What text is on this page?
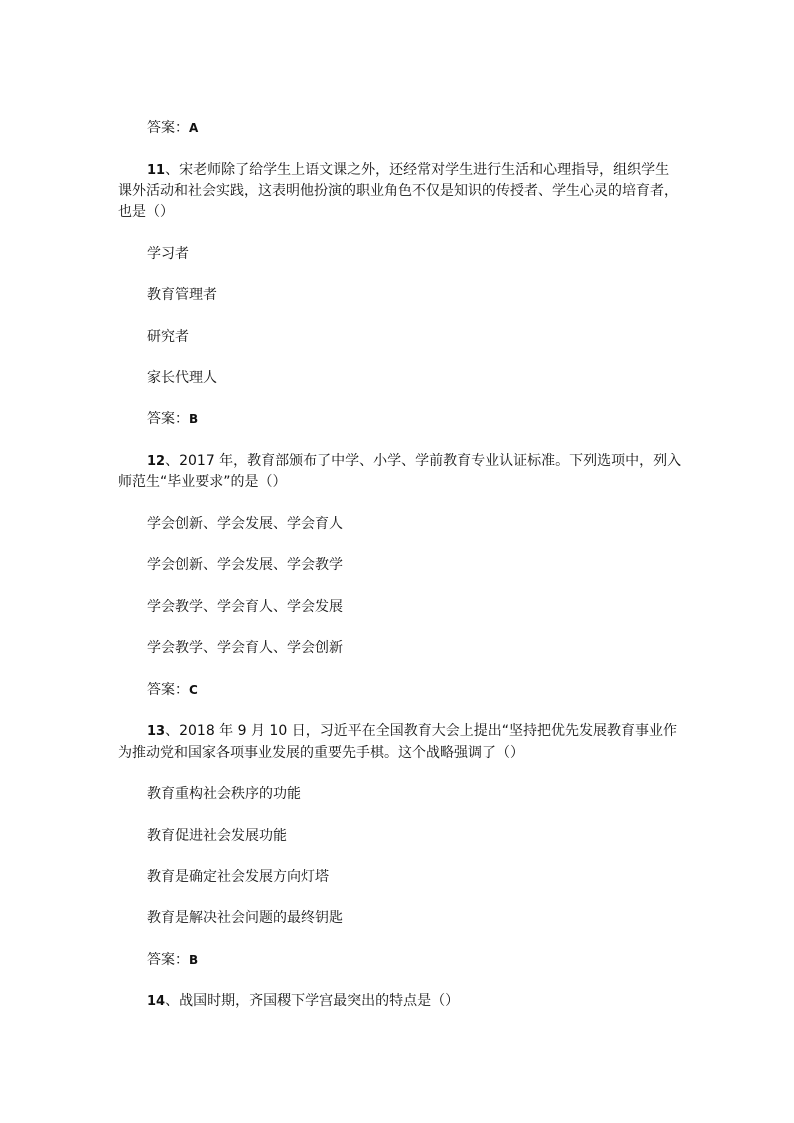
答案：A
11、宋老师除了给学生上语文课之外，还经常对学生进行生活和心理指导，组织学生
课外活动和社会实践，这表明他扮演的职业角色不仅是知识的传授者、学生心灵的培育者，
也是（）
学习者
教育管理者
研究者
家长代理人
答案：B
12、2017 年，教育部颁布了中学、小学、学前教育专业认证标准。下列选项中，列入
师范生“毕业要求”的是（）
学会创新、学会发展、学会育人
学会创新、学会发展、学会教学
学会教学、学会育人、学会发展
学会教学、学会育人、学会创新
答案：C
13、2018 年 9 月 10 日，习近平在全国教育大会上提出“坚持把优先发展教育事业作
为推动党和国家各项事业发展的重要先手棋。这个战略强调了（）
教育重构社会秩序的功能
教育促进社会发展功能
教育是确定社会发展方向灯塔
教育是解决社会问题的最终钥匙
答案：B
14、战国时期，齐国稷下学宫最突出的特点是（）
